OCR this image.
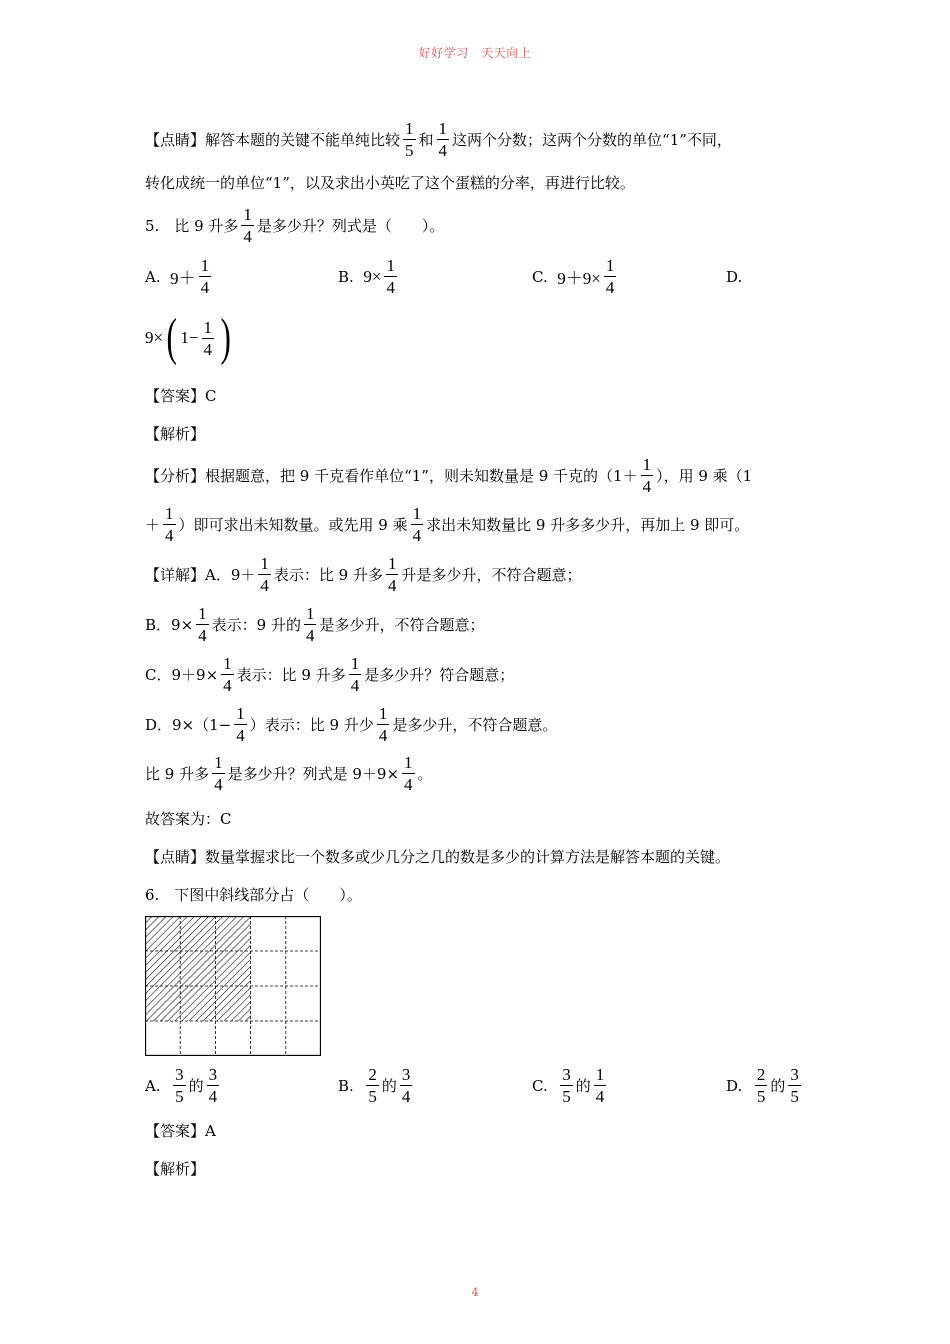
好好学习　天天向上
【点睛】解答本题的关键不能单纯比较 $\frac{1}{5}$ 和 $\frac{1}{4}$ 这两个分数；这两个分数的单位“1”不同，
转化成统一的单位“1”，以及求出小英吃了这个蛋糕的分率，再进行比较。
5.　比 9 升多 $\frac{1}{4}$ 是多少升？列式是（　　）。
A.
$9+ \frac{1}{4}$	B.
$9\times \frac{1}{4}$	C.
$9+9\times \frac{1}{4}$	D.
9× ( $1- \frac{1}{4}$ )
【答案】C
【解析】
【分析】根据题意，把 9 千克看作单位“1”，则未知数量是 9 千克的（$1+ \frac{1}{4}$ ），用 9 乘（1
＋ $\frac{1}{4}$ ）即可求出未知数量。或先用 9 乘 $\frac{1}{4}$ 求出未知数量比 9 升多多少升，再加上 9 即可。
【详解】A．$9+ \frac{1}{4}$ 表示：比 9 升多 $\frac{1}{4}$ 升是多少升，不符合题意；
B．$9\times \frac{1}{4}$ 表示：9 升的 $\frac{1}{4}$ 是多少升，不符合题意；
C．$9+9\times \frac{1}{4}$ 表示：比 9 升多 $\frac{1}{4}$ 是多少升？符合题意；
D．$9\times(1- \frac{1}{4}$ ）表示：比 9 升少 $\frac{1}{4}$ 是多少升，不符合题意。
比 9 升多 $\frac{1}{4}$ 是多少升？列式是 $9+9\times \frac{1}{4}$ 。
故答案为：C
【点睛】数量掌握求比一个数多或少几分之几的数是多少的计算方法是解答本题的关键。
6.　下图中斜线部分占（　　）。
A.
$\frac{3}{5}$ 的 $\frac{3}{4}$	B.
$\frac{2}{5}$ 的 $\frac{3}{4}$	C.
$\frac{3}{5}$ 的 $\frac{1}{4}$	D.
$\frac{2}{5}$ 的 $\frac{3}{5}$
【答案】A
【解析】
4
